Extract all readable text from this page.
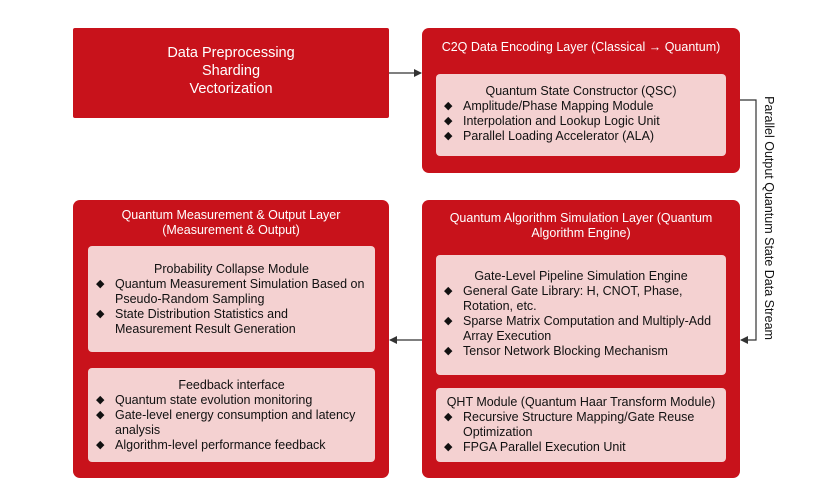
Data Preprocessing
Sharding
Vectorization
C2Q Data Encoding Layer (Classical → Quantum)
Quantum State Constructor (QSC)
◆ Amplitude/Phase Mapping Module
◆ Interpolation and Lookup Logic Unit
◆ Parallel Loading Accelerator (ALA)	Parallel Output Quantum State Data Stream
Quantum Algorithm Simulation Layer (Quantum Algorithm Engine)
Gate-Level Pipeline Simulation Engine
◆ General Gate Library: H, CNOT, Phase, Rotation, etc.
◆ Sparse Matrix Computation and Multiply-Add Array Execution
◆ Tensor Network Blocking Mechanism
QHT Module (Quantum Haar Transform Module)
◆ Recursive Structure Mapping/Gate Reuse Optimization
◆ FPGA Parallel Execution Unit
Quantum Measurement & Output Layer (Measurement & Output)
Probability Collapse Module
◆ Quantum Measurement Simulation Based on Pseudo-Random Sampling
◆ State Distribution Statistics and Measurement Result Generation
Feedback interface
◆ Quantum state evolution monitoring
◆ Gate-level energy consumption and latency analysis
◆ Algorithm-level performance feedback
